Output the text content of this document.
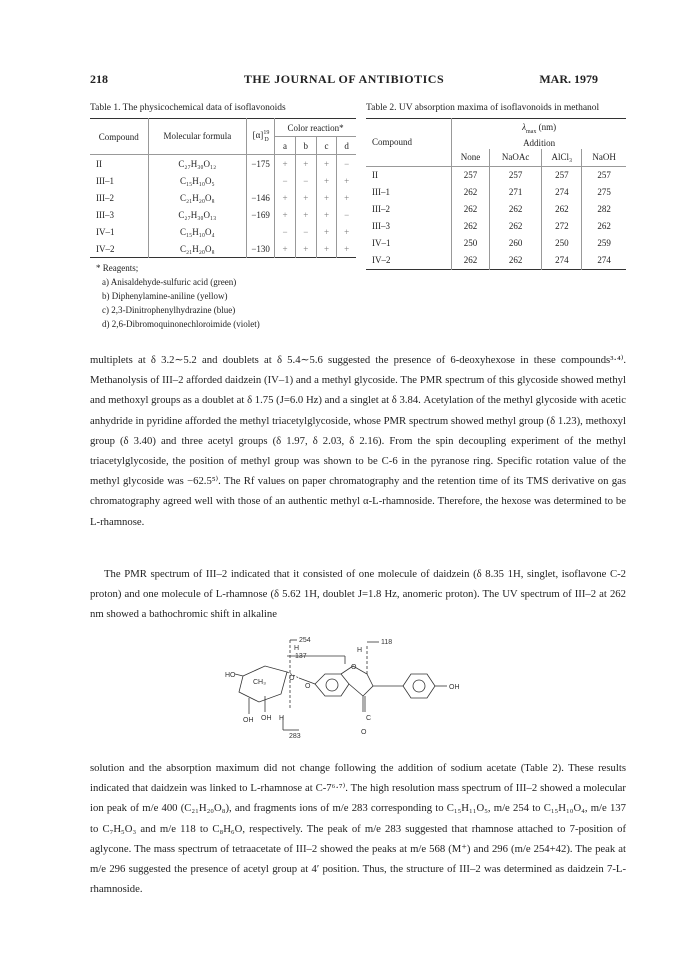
218	THE JOURNAL OF ANTIBIOTICS	MAR. 1979
Table 1. The physicochemical data of isoflavonoids
Compound	Molecular formula	$[\alpha]^{19}_D$	Color reaction*			
			a	b	c	d
II	C₂₇H₃₀O₁₂	−175	+	+	+	−
III–1	C₁₅H₁₀O₅		−	−	+	+
III–2	C₂₁H₂₀O₈	−146	+	+	+	+
III–3	C₂₇H₃₀O₁₃	−169	+	+	+	−
IV–1	C₁₅H₁₀O₄		−	−	+	+
IV–2	C₂₁H₂₀O₈	−130	+	+	+	+
* Reagents;
a) Anisaldehyde-sulfuric acid (green)
b) Diphenylamine-aniline (yellow)
c) 2,3-Dinitrophenylhydrazine (blue)
d) 2,6-Dibromoquinonechloroimide (violet)
Table 2. UV absorption maxima of isoflavonoids in methanol
Compound	$\lambda_{max}$ (nm)
Addition			

	None	NaOAc	AlCl₃	NaOH
II	257	257	257	257
III–1	262	271	274	275
III–2	262	262	262	282
III–3	262	262	272	262
IV–1	250	260	250	259
IV–2	262	262	274	274

multiplets at δ 3.2∼5.2 and doublets at δ 5.4∼5.6 suggested the presence of 6-deoxyhexose in these compounds³·⁴⁾. Methanolysis of III–2 afforded daidzein (IV–1) and a methyl glycoside. The PMR spectrum of this glycoside showed methyl and methoxyl groups as a doublet at δ 1.75 (J=6.0 Hz) and a singlet at δ 3.84. Acetylation of the methyl glycoside with acetic anhydride in pyridine afforded the methyl triacetylglycoside, whose PMR spectrum showed methyl group (δ 1.23), methoxyl group (δ 3.40) and three acetyl groups (δ 1.97, δ 2.03, δ 2.16). From the spin decoupling experiment of the methyl triacetylglycoside, the position of methyl group was shown to be C-6 in the pyranose ring. Specific rotation value of the methyl glycoside was −62.5⁵⁾. The Rf values on paper chromatography and the retention time of its TMS derivative on gas chromatography agreed well with those of an authentic methyl α-L-rhamnoside. Therefore, the hexose was determined to be L-rhamnose.

The PMR spectrum of III–2 indicated that it consisted of one molecule of daidzein (δ 8.35 1H, singlet, isoflavone C-2 proton) and one molecule of L-rhamnose (δ 5.62 1H, doublet J=1.8 Hz, anomeric proton). The UV spectrum of III–2 at 262 nm showed a bathochromic shift in alkaline

254
H
118
H
137
HO
CH₃
O
O
O
OH OH H
283
C
O
OH

solution and the absorption maximum did not change following the addition of sodium acetate (Table 2). These results indicated that daidzein was linked to L-rhamnose at C-7⁶·⁷⁾. The high resolution mass spectrum of III–2 showed a molecular ion peak of m/e 400 (C₂₁H₂₀O₈), and fragments ions of m/e 283 corresponding to C₁₅H₁₁O₅, m/e 254 to C₁₅H₁₀O₄, m/e 137 to C₇H₅O₃ and m/e 118 to C₈H₆O, respectively. The peak of m/e 283 suggested that rhamnose attached to 7-position of aglycone. The mass spectrum of tetraacetate of III–2 showed the peaks at m/e 568 (M⁺) and 296 (m/e 254+42). The peak at m/e 296 suggested the presence of acetyl group at 4′ position. Thus, the structure of III–2 was determined as daidzein 7-L-rhamnoside.
